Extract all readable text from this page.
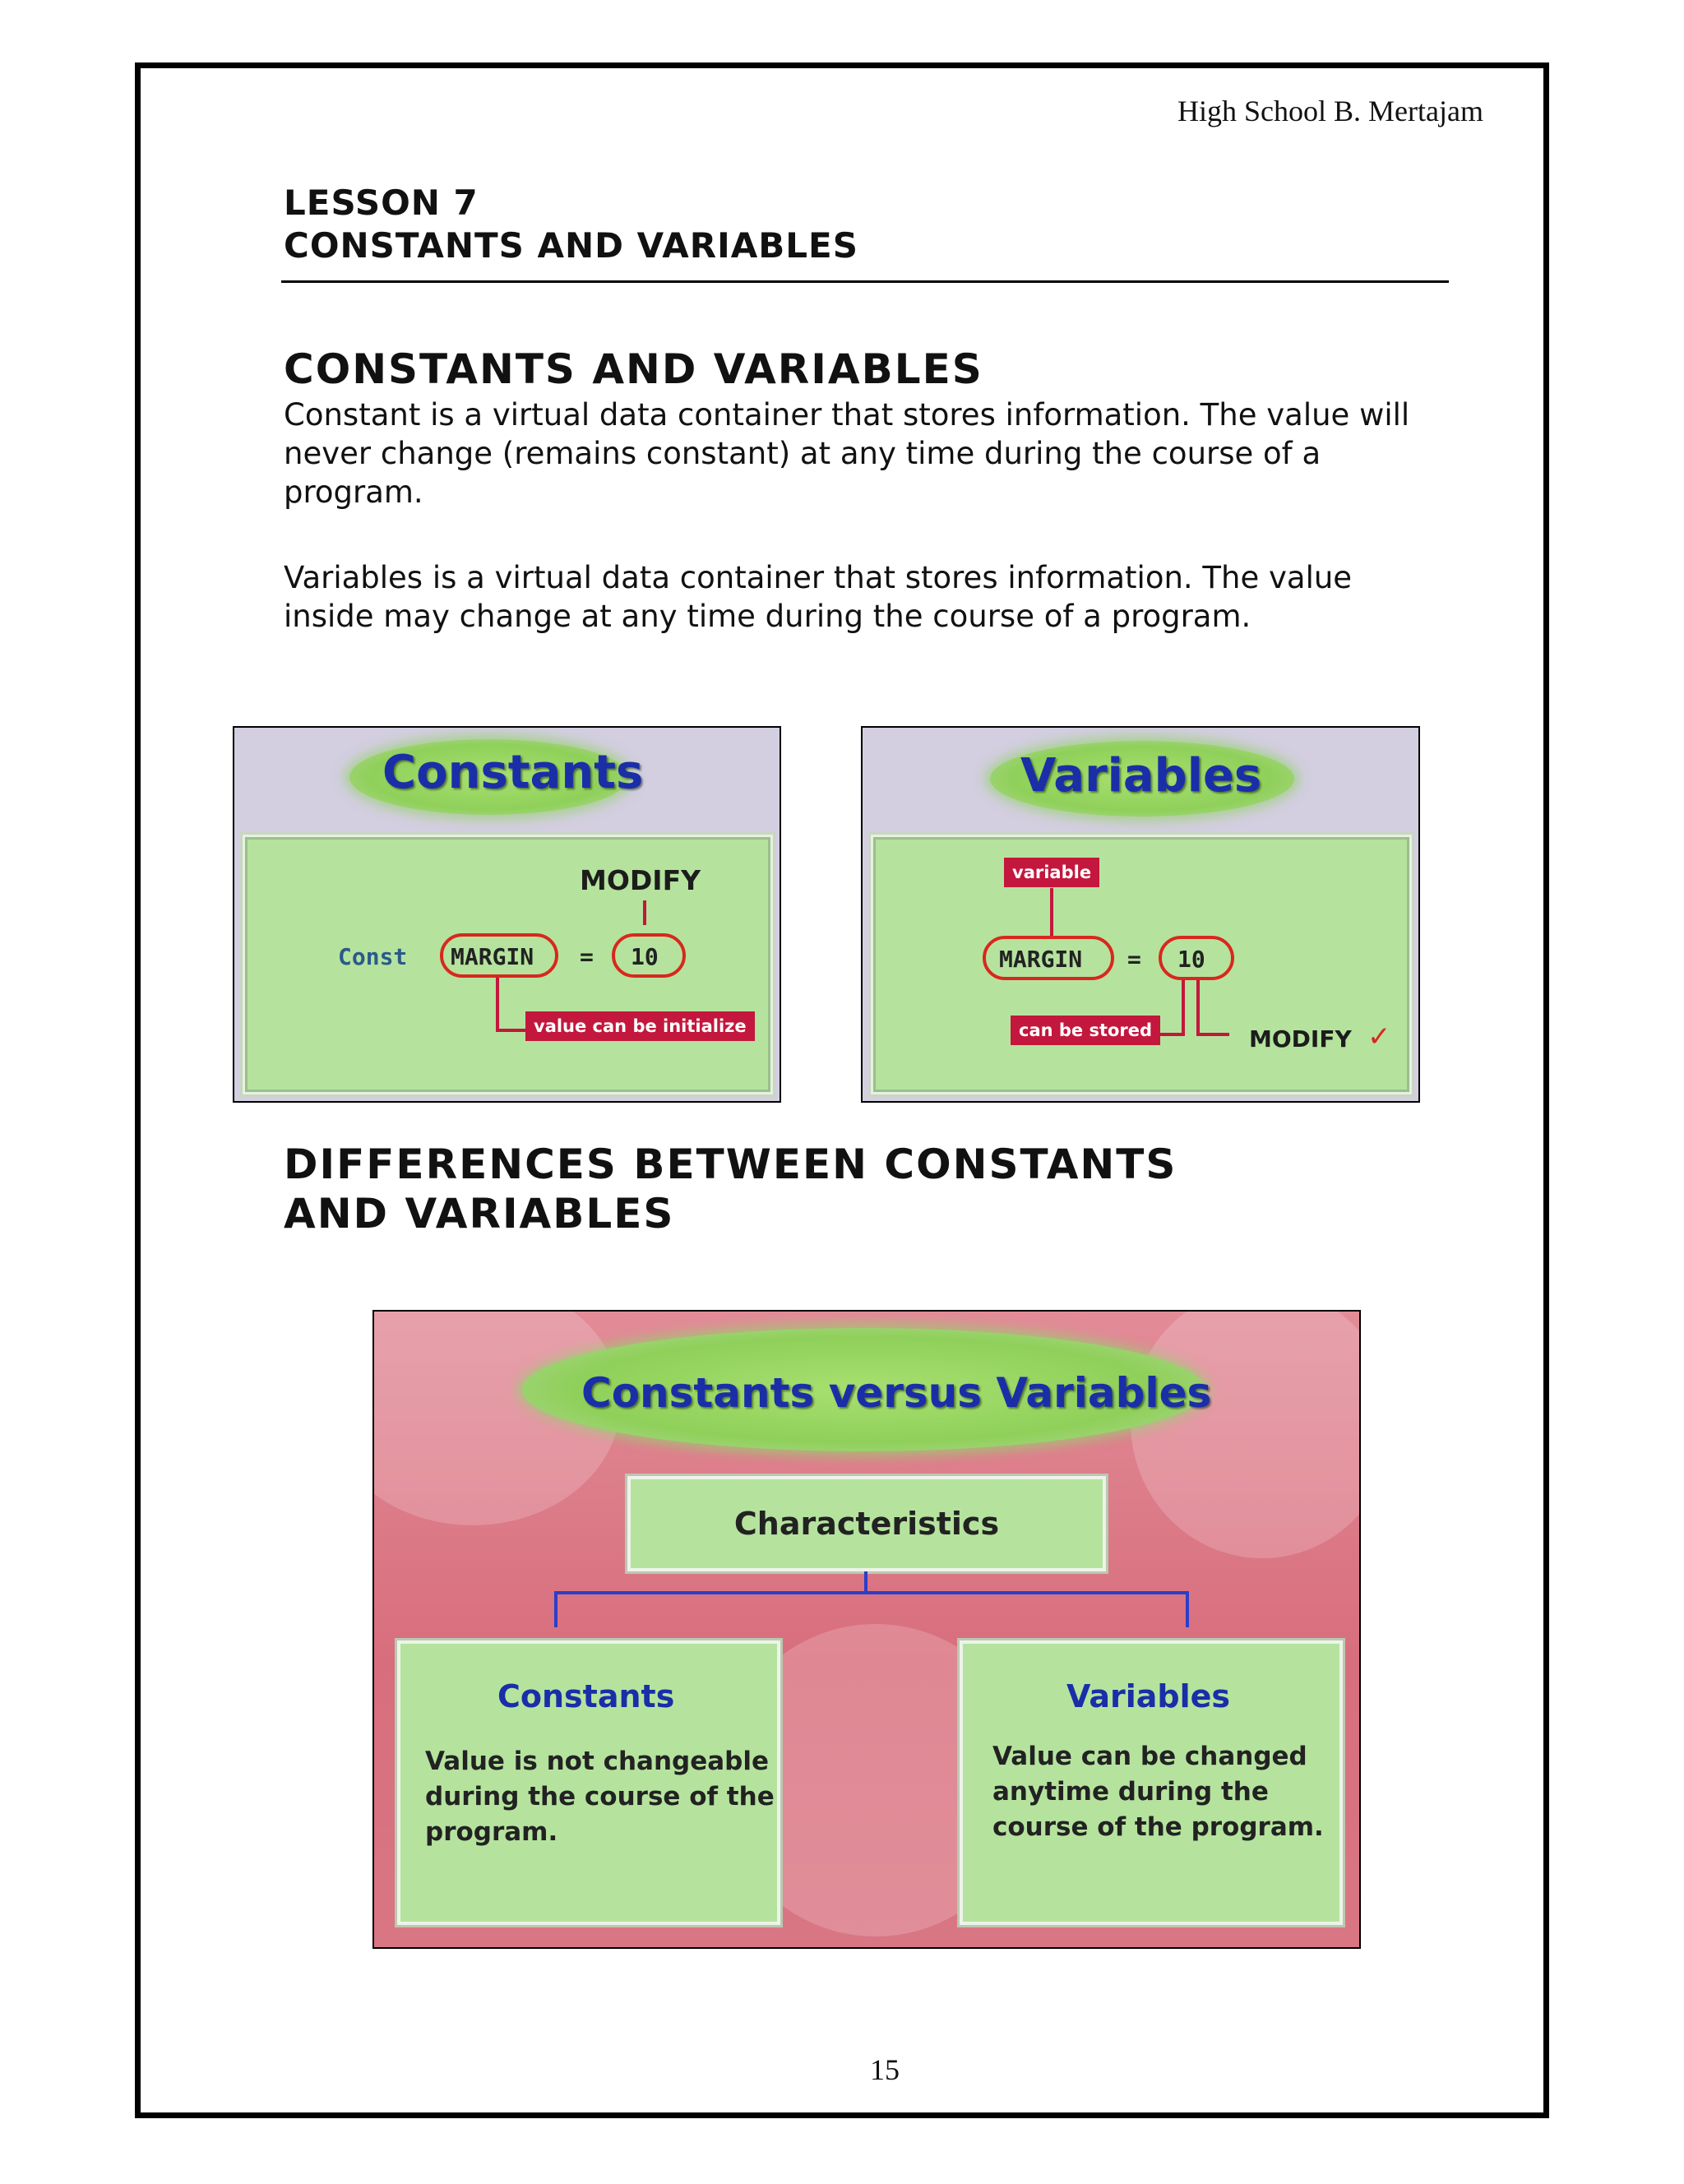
High School B. Mertajam
LESSON 7
CONSTANTS AND VARIABLES
CONSTANTS AND VARIABLES
Constant is a virtual data container that stores information. The value will
never change (remains constant) at any time during the course of a
program.
Variables is a virtual data container that stores information. The value
inside may change at any time during the course of a program.
Constants
MODIFY
Const MARGIN = 10
value can be initialize
Variables
variable
MARGIN = 10
can be stored	MODIFY ✓
DIFFERENCES BETWEEN CONSTANTS
AND VARIABLES
Constants versus Variables
Characteristics
Constants
Value is not changeable
during the course of the
program.
Variables
Value can be changed
anytime during the
course of the program.
15
